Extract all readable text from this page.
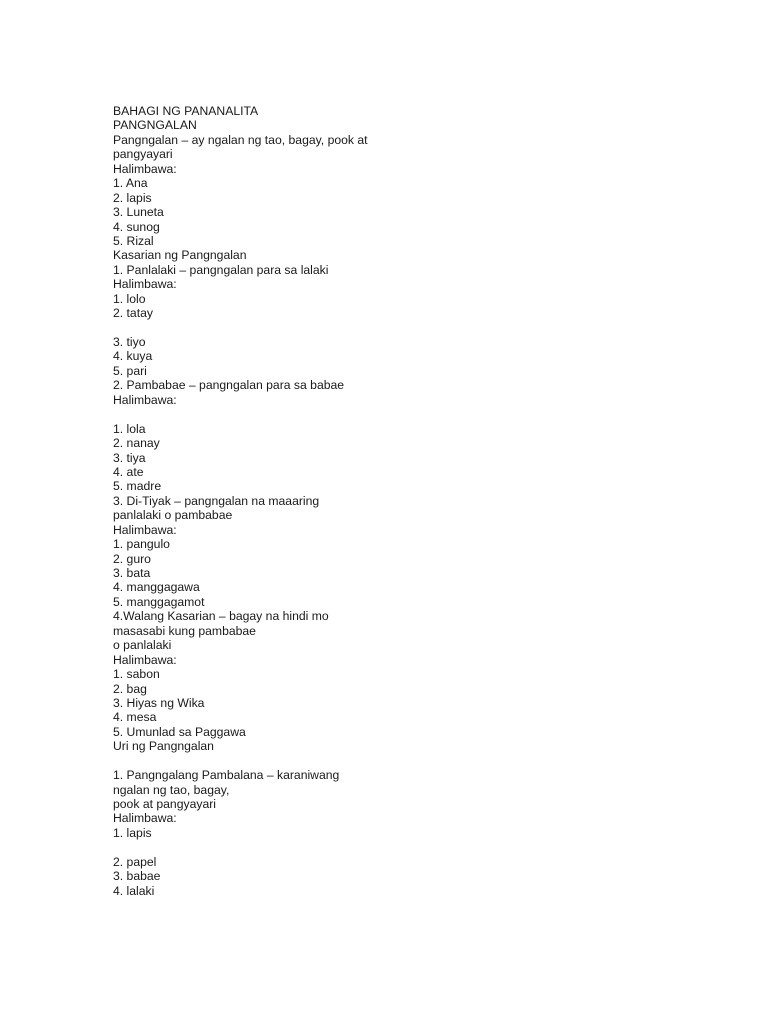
BAHAGI NG PANANALITA
PANGNGALAN
Pangngalan – ay ngalan ng tao, bagay, pook at
pangyayari
Halimbawa:
1. Ana
2. lapis
3. Luneta
4. sunog
5. Rizal
Kasarian ng Pangngalan
1. Panlalaki – pangngalan para sa lalaki
Halimbawa:
1. lolo
2. tatay
3. tiyo
4. kuya
5. pari
2. Pambabae – pangngalan para sa babae
Halimbawa:
1. lola
2. nanay
3. tiya
4. ate
5. madre
3. Di-Tiyak – pangngalan na maaaring
panlalaki o pambabae
Halimbawa:
1. pangulo
2. guro
3. bata
4. manggagawa
5. manggagamot
4.Walang Kasarian – bagay na hindi mo
masasabi kung pambabae
o panlalaki
Halimbawa:
1. sabon
2. bag
3. Hiyas ng Wika
4. mesa
5. Umunlad sa Paggawa
Uri ng Pangngalan
1. Pangngalang Pambalana – karaniwang
ngalan ng tao, bagay,
pook at pangyayari
Halimbawa:
1. lapis
2. papel
3. babae
4. lalaki
